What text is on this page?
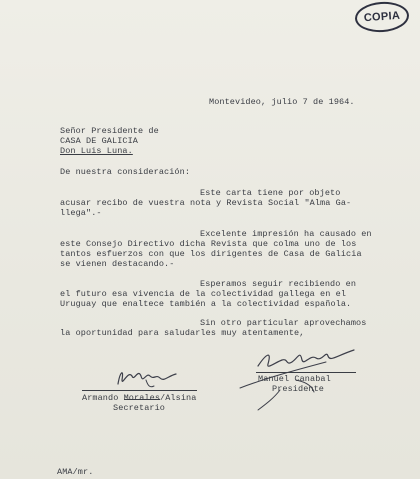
COPIA
Montevideo, julio 7 de 1964.
Señor Presidente de
CASA DE GALICIA
Don Luis Luna.
De nuestra consideración:
Este carta tiene por objeto
acusar recibo de vuestra nota y Revista Social "Alma Ga-
llega".-
Excelente impresión ha causado en
este Consejo Directivo dicha Revista que colma uno de los
tantos esfuerzos con que los dirigentes de Casa de Galicia
se vienen destacando.-
Esperamos seguir recibiendo en
el futuro esa vivencia de la colectividad gallega en el
Uruguay que enaltece también a la colectividad española.
Sin otro particular aprovechamos
la oportunidad para saludarles muy atentamente,
Armando Morales/Alsina
Secretario
Manuel Canabal
Presidente
AMA/mr.
